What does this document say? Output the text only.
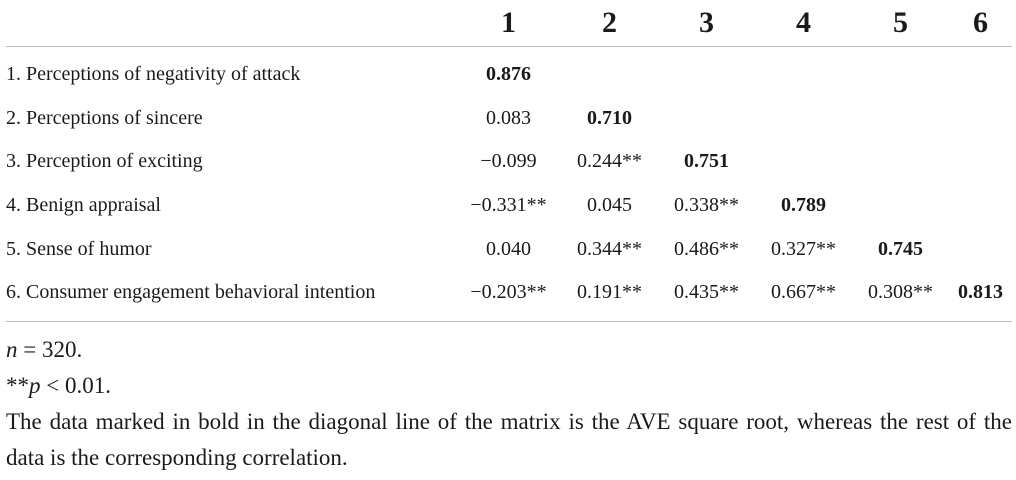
	1	2	3	4	5	6
1. Perceptions of negativity of attack	0.876					
2. Perceptions of sincere	0.083	0.710				
3. Perception of exciting	−0.099	0.244**	0.751			
4. Benign appraisal	−0.331**	0.045	0.338**	0.789		
5. Sense of humor	0.040	0.344**	0.486**	0.327**	0.745	
6. Consumer engagement behavioral intention	−0.203**	0.191**	0.435**	0.667**	0.308**	0.813

n = 320.

**p < 0.01.

The data marked in bold in the diagonal line of the matrix is the AVE square root, whereas the rest of the data is the corresponding correlation.
